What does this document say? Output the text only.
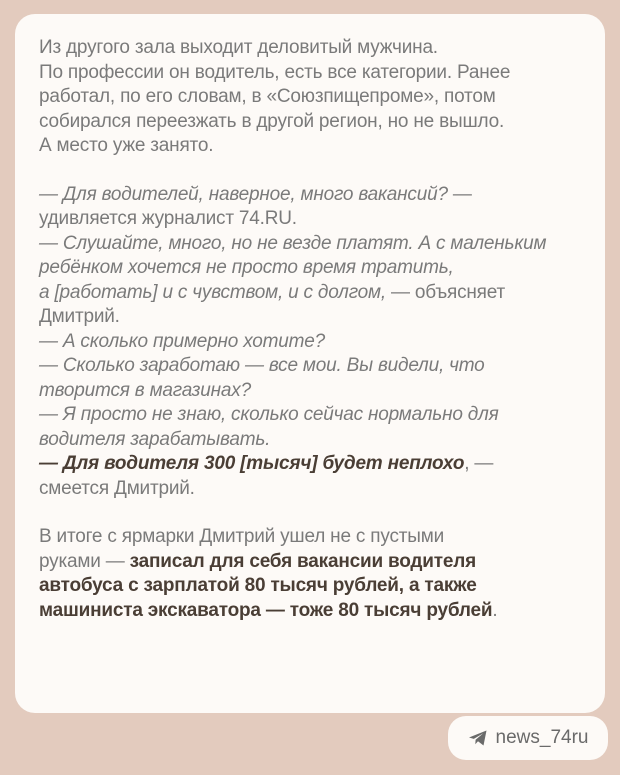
Из другого зала выходит деловитый мужчина.

По профессии он водитель, есть все категории. Ранее

работал, по его словам, в «Союзпищепроме», потом

собирался переезжать в другой регион, но не вышло.

А место уже занято.

— Для водителей, наверное, много вакансий? —

удивляется журналист 74.RU.

— Слушайте, много, но не везде платят. А с маленьким

ребёнком хочется не просто время тратить,

а [работать] и с чувством, и с долгом, — объясняет

Дмитрий.

— А сколько примерно хотите?

— Сколько заработаю — все мои. Вы видели, что

творится в магазинах?

— Я просто не знаю, сколько сейчас нормально для

водителя зарабатывать.

— Для водителя 300 [тысяч] будет неплохо, —

смеется Дмитрий.

В итоге с ярмарки Дмитрий ушел не с пустыми

руками — записал для себя вакансии водителя

автобуса с зарплатой 80 тысяч рублей, а также

машиниста экскаватора — тоже 80 тысяч рублей.

news_74ru
